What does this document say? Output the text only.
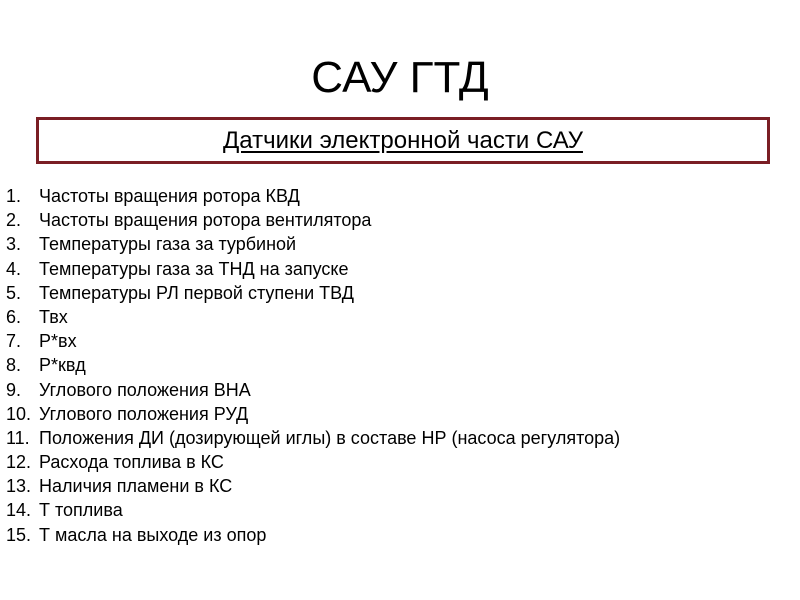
САУ ГТД
Датчики электронной части САУ
1. Частоты вращения ротора КВД
2. Частоты вращения ротора вентилятора
3. Температуры газа за турбиной
4. Температуры газа за ТНД на запуске
5. Температуры РЛ первой ступени ТВД
6. Твх
7. Р*вх
8. Р*квд
9. Углового положения ВНА
10. Углового положения РУД
11. Положения ДИ (дозирующей иглы) в составе НР (насоса регулятора)
12. Расхода топлива в КС
13. Наличия пламени в КС
14. Т топлива
15. Т масла на выходе из опор
